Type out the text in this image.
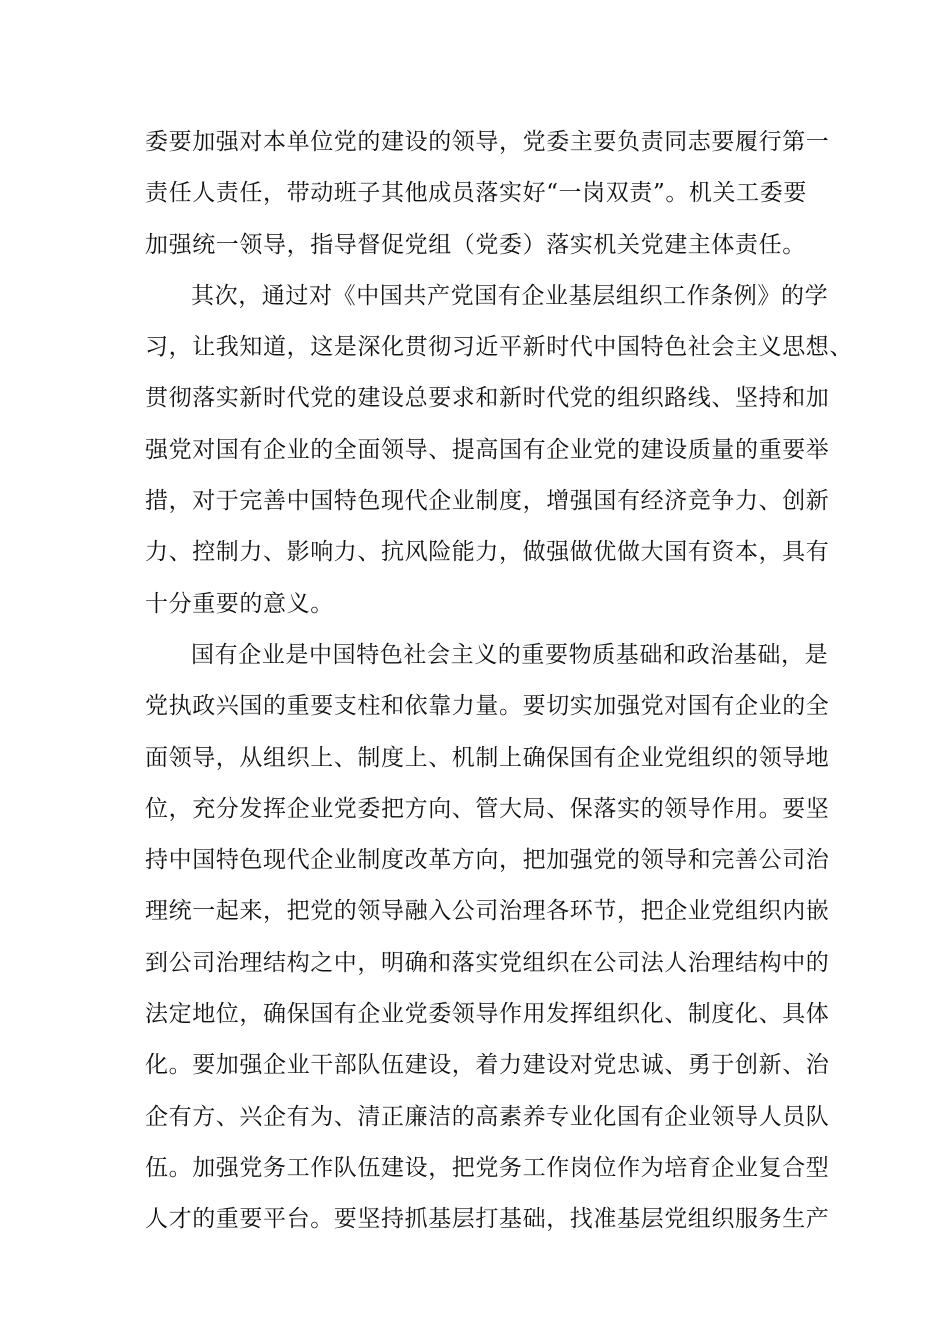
委要加强对本单位党的建设的领导，党委主要负责同志要履行第一
责任人责任，带动班子其他成员落实好“一岗双责”。机关工委要
加强统一领导，指导督促党组（党委）落实机关党建主体责任。
其次，通过对《中国共产党国有企业基层组织工作条例》的学
习，让我知道，这是深化贯彻习近平新时代中国特色社会主义思想、
贯彻落实新时代党的建设总要求和新时代党的组织路线、坚持和加
强党对国有企业的全面领导、提高国有企业党的建设质量的重要举
措，对于完善中国特色现代企业制度，增强国有经济竞争力、创新
力、控制力、影响力、抗风险能力，做强做优做大国有资本，具有
十分重要的意义。
国有企业是中国特色社会主义的重要物质基础和政治基础，是
党执政兴国的重要支柱和依靠力量。要切实加强党对国有企业的全
面领导，从组织上、制度上、机制上确保国有企业党组织的领导地
位，充分发挥企业党委把方向、管大局、保落实的领导作用。要坚
持中国特色现代企业制度改革方向，把加强党的领导和完善公司治
理统一起来，把党的领导融入公司治理各环节，把企业党组织内嵌
到公司治理结构之中，明确和落实党组织在公司法人治理结构中的
法定地位，确保国有企业党委领导作用发挥组织化、制度化、具体
化。要加强企业干部队伍建设，着力建设对党忠诚、勇于创新、治
企有方、兴企有为、清正廉洁的高素养专业化国有企业领导人员队
伍。加强党务工作队伍建设，把党务工作岗位作为培育企业复合型
人才的重要平台。要坚持抓基层打基础，找准基层党组织服务生产
